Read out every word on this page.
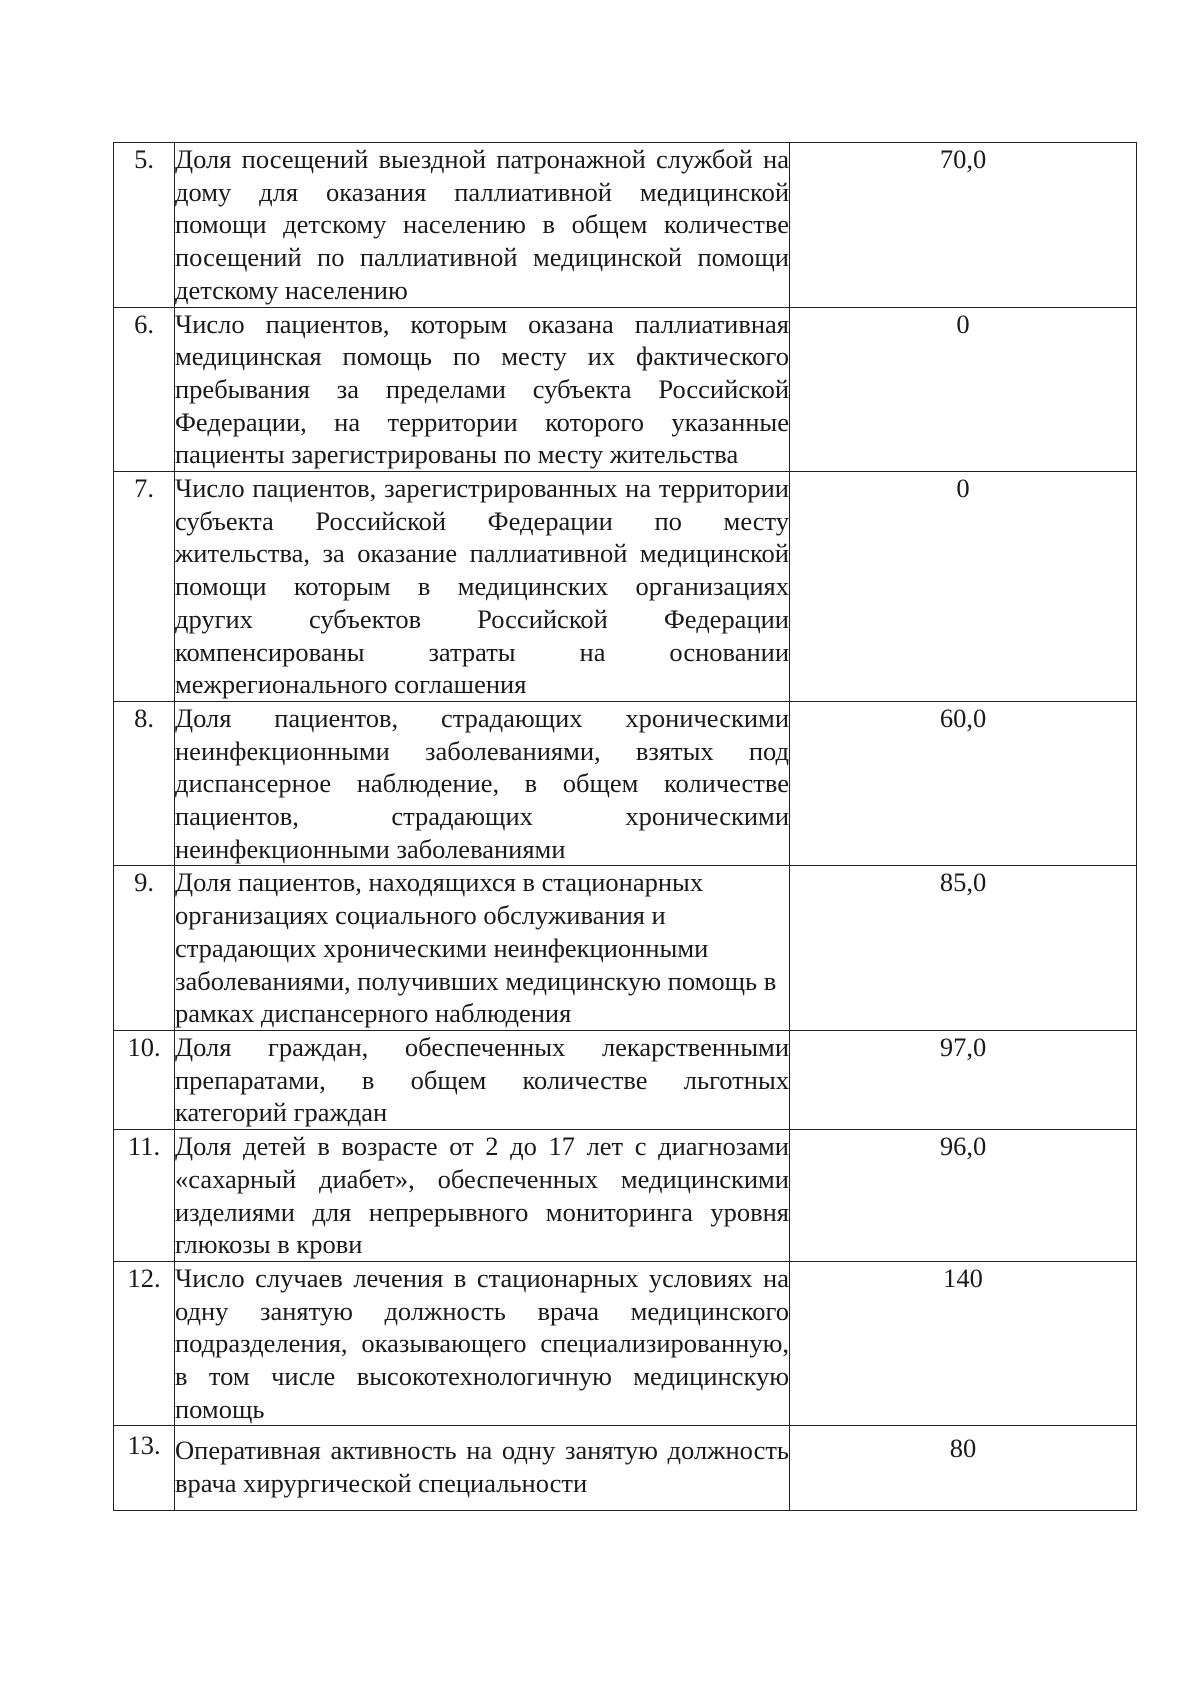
5.	Доля посещений выездной патронажной службой на дому для оказания паллиативной медицинской помощи детскому населению в общем количестве посещений по паллиативной медицинской помощи детскому населению	70,0
6.	Число пациентов, которым оказана паллиативная медицинская помощь по месту их фактического пребывания за пределами субъекта Российской Федерации, на территории которого указанные пациенты зарегистрированы по месту жительства	0
7.	Число пациентов, зарегистрированных на территории субъекта Российской Федерации по месту жительства, за оказание паллиативной медицинской помощи которым в медицинских организациях других субъектов Российской Федерации компенсированы затраты на основании межрегионального соглашения	0
8.	Доля пациентов, страдающих хроническими неинфекционными заболеваниями, взятых под диспансерное наблюдение, в общем количестве пациентов, страдающих хроническими неинфекционными заболеваниями	60,0
9.	Доля пациентов, находящихся в стационарных организациях социального обслуживания и страдающих хроническими неинфекционными заболеваниями, получивших медицинскую помощь в рамках диспансерного наблюдения	85,0
10.	Доля граждан, обеспеченных лекарственными препаратами, в общем количестве льготных категорий граждан	97,0
11.	Доля детей в возрасте от 2 до 17 лет с диагнозами «сахарный диабет», обеспеченных медицинскими изделиями для непрерывного мониторинга уровня глюкозы в крови	96,0
12.	Число случаев лечения в стационарных условиях на одну занятую должность врача медицинского подразделения, оказывающего специализированную, в том числе высокотехнологичную медицинскую помощь	140
13.	Оперативная активность на одну занятую должность врача хирургической специальности	80
